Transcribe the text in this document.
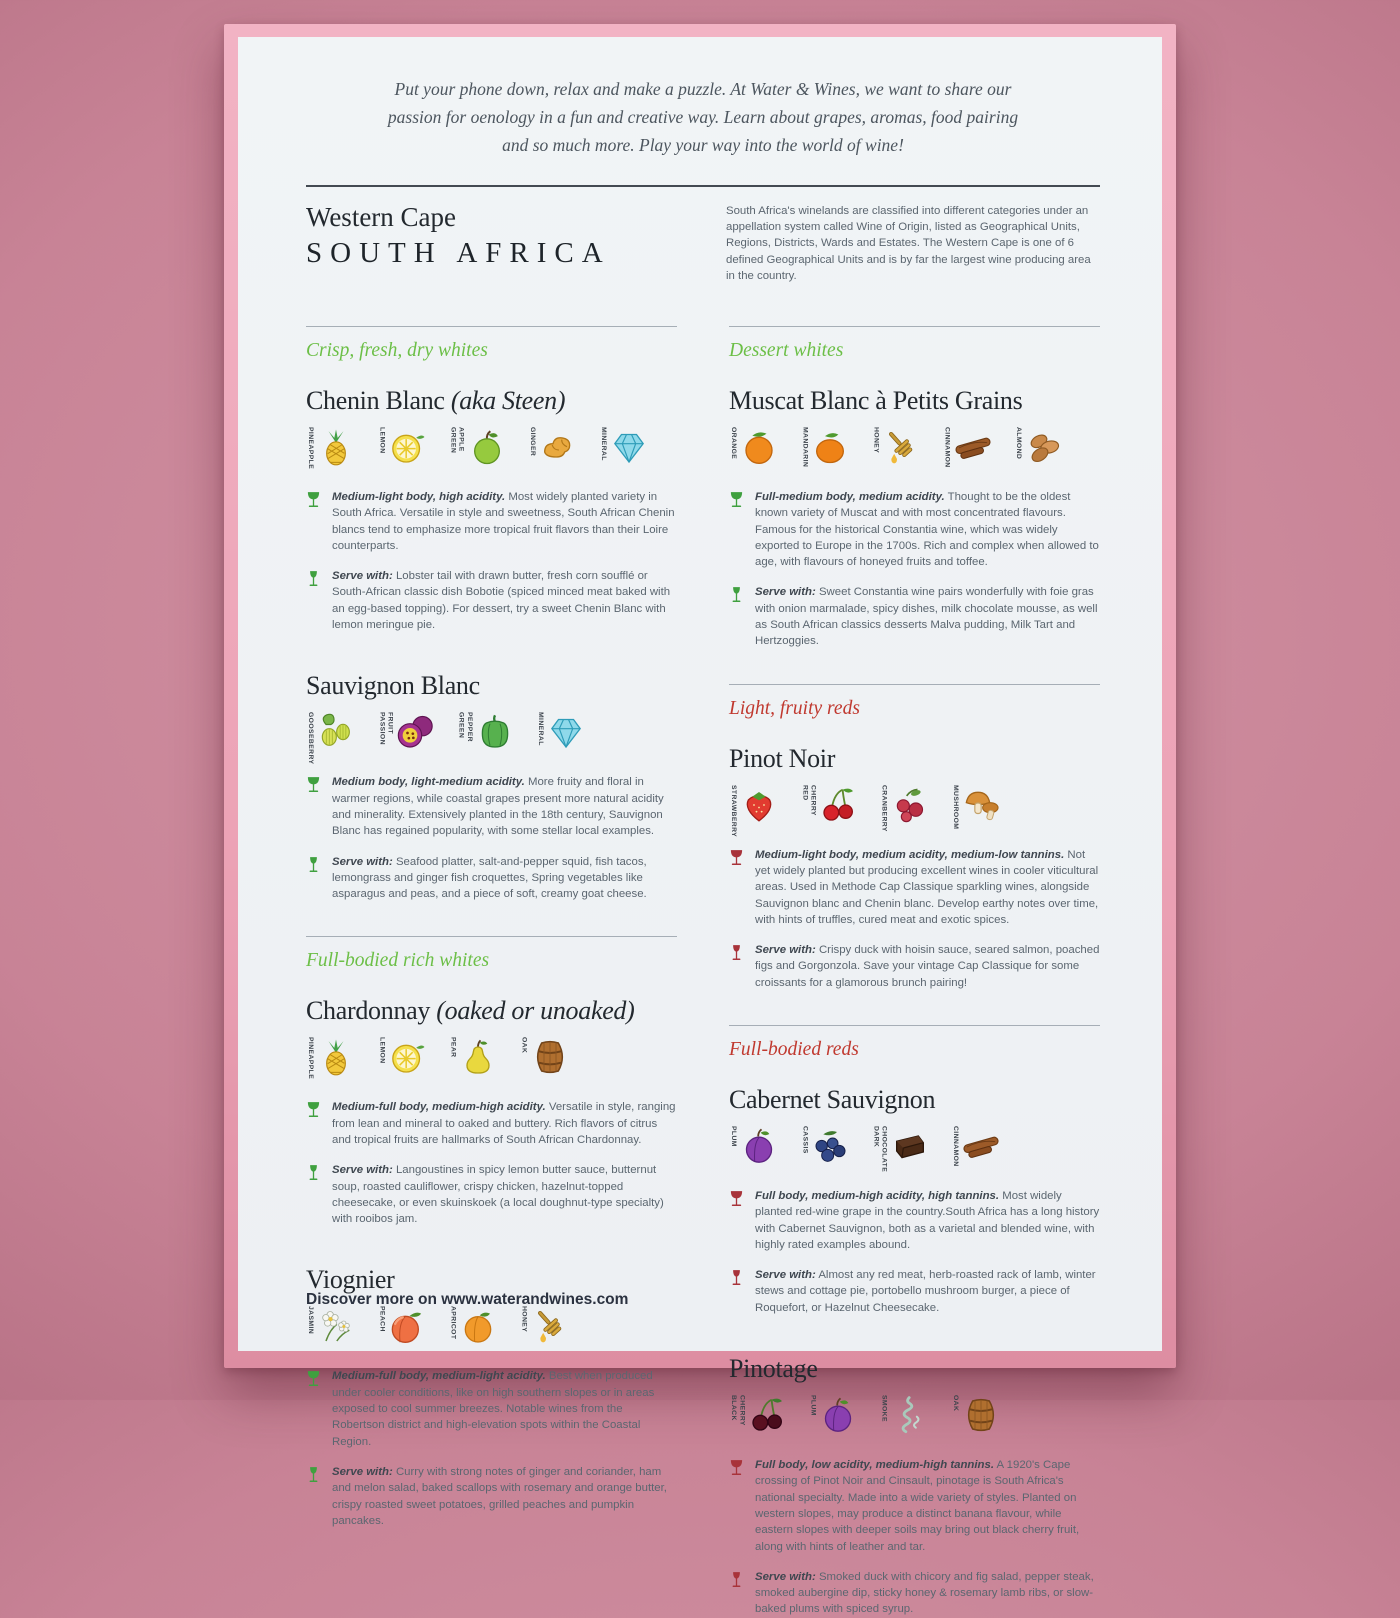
Put your phone down, relax and make a puzzle. At Water & Wines, we want to share our passion for oenology in a fun and creative way. Learn about grapes, aromas, food pairing and so much more. Play your way into the world of wine!
Western Cape
SOUTH AFRICA
South Africa's winelands are classified into different categories under an appellation system called Wine of Origin, listed as Geographical Units, Regions, Districts, Wards and Estates. The Western Cape is one of 6 defined Geographical Units and is by far the largest wine producing area in the country.
Crisp, fresh, dry whites
Chenin Blanc (aka Steen)
PINEAPPLE	LEMON	GREEN APPLE	GINGER	MINERAL

Medium-light body, high acidity. Most widely planted variety in South Africa. Versatile in style and sweetness, South African Chenin blancs tend to emphasize more tropical fruit flavors than their Loire counterparts.

Serve with: Lobster tail with drawn butter, fresh corn soufflé or South-African classic dish Bobotie (spiced minced meat baked with an egg-based topping). For dessert, try a sweet Chenin Blanc with lemon meringue pie.

Sauvignon Blanc
GOOSEBERRY	PASSION FRUIT	GREEN PEPPER	MINERAL

Medium body, light-medium acidity. More fruity and floral in warmer regions, while coastal grapes present more natural acidity and minerality. Extensively planted in the 18th century, Sauvignon Blanc has regained popularity, with some stellar local examples.

Serve with: Seafood platter, salt-and-pepper squid, fish tacos, lemongrass and ginger fish croquettes, Spring vegetables like asparagus and peas, and a piece of soft, creamy goat cheese.

Full-bodied rich whites
Chardonnay (oaked or unoaked)
PINEAPPLE	LEMON	PEAR	OAK

Medium-full body, medium-high acidity. Versatile in style, ranging from lean and mineral to oaked and buttery. Rich flavors of citrus and tropical fruits are hallmarks of South African Chardonnay.

Serve with: Langoustines in spicy lemon butter sauce, butternut soup, roasted cauliflower, crispy chicken, hazelnut-topped cheesecake, or even skuinskoek (a local doughnut-type specialty) with rooibos jam.

Viognier
JASMIN	PEACH	APRICOT	HONEY

Medium-full body, medium-light acidity. Best when produced under cooler conditions, like on high southern slopes or in areas exposed to cool summer breezes. Notable wines from the Robertson district and high-elevation spots within the Coastal Region.

Serve with: Curry with strong notes of ginger and coriander, ham and melon salad, baked scallops with rosemary and orange butter, crispy roasted sweet potatoes, grilled peaches and pumpkin pancakes.

Dessert whites
Muscat Blanc à Petits Grains
ORANGE	MANDARIN	HONEY	CINNAMON	ALMOND

Full-medium body, medium acidity. Thought to be the oldest known variety of Muscat and with most concentrated flavours. Famous for the historical Constantia wine, which was widely exported to Europe in the 1700s. Rich and complex when allowed to age, with flavours of honeyed fruits and toffee.

Serve with: Sweet Constantia wine pairs wonderfully with foie gras with onion marmalade, spicy dishes, milk chocolate mousse, as well as South African classics desserts Malva pudding, Milk Tart and Hertzoggies.

Light, fruity reds
Pinot Noir
STRAWBERRY	RED CHERRY	CRANBERRY	MUSHROOM

Medium-light body, medium acidity, medium-low tannins. Not yet widely planted but producing excellent wines in cooler viticultural areas. Used in Methode Cap Classique sparkling wines, alongside Sauvignon blanc and Chenin blanc. Develop earthy notes over time, with hints of truffles, cured meat and exotic spices.

Serve with: Crispy duck with hoisin sauce, seared salmon, poached figs and Gorgonzola. Save your vintage Cap Classique for some croissants for a glamorous brunch pairing!

Full-bodied reds
Cabernet Sauvignon
PLUM	CASSIS	DARK CHOCOLATE	CINNAMON

Full body, medium-high acidity, high tannins. Most widely planted red-wine grape in the country.South Africa has a long history with Cabernet Sauvignon, both as a varietal and blended wine, with highly rated examples abound.

Serve with: Almost any red meat, herb-roasted rack of lamb, winter stews and cottage pie, portobello mushroom burger, a piece of Roquefort, or Hazelnut Cheesecake.

Pinotage
BLACK CHERRY	PLUM	SMOKE	OAK

Full body, low acidity, medium-high tannins. A 1920's Cape crossing of Pinot Noir and Cinsault, pinotage is South Africa's national specialty. Made into a wide variety of styles. Planted on western slopes, may produce a distinct banana flavour, while eastern slopes with deeper soils may bring out black cherry fruit, along with hints of leather and tar.

Serve with: Smoked duck with chicory and fig salad, pepper steak, smoked aubergine dip, sticky honey & rosemary lamb ribs, or slow-baked plums with spiced syrup.

Discover more on www.waterandwines.com
